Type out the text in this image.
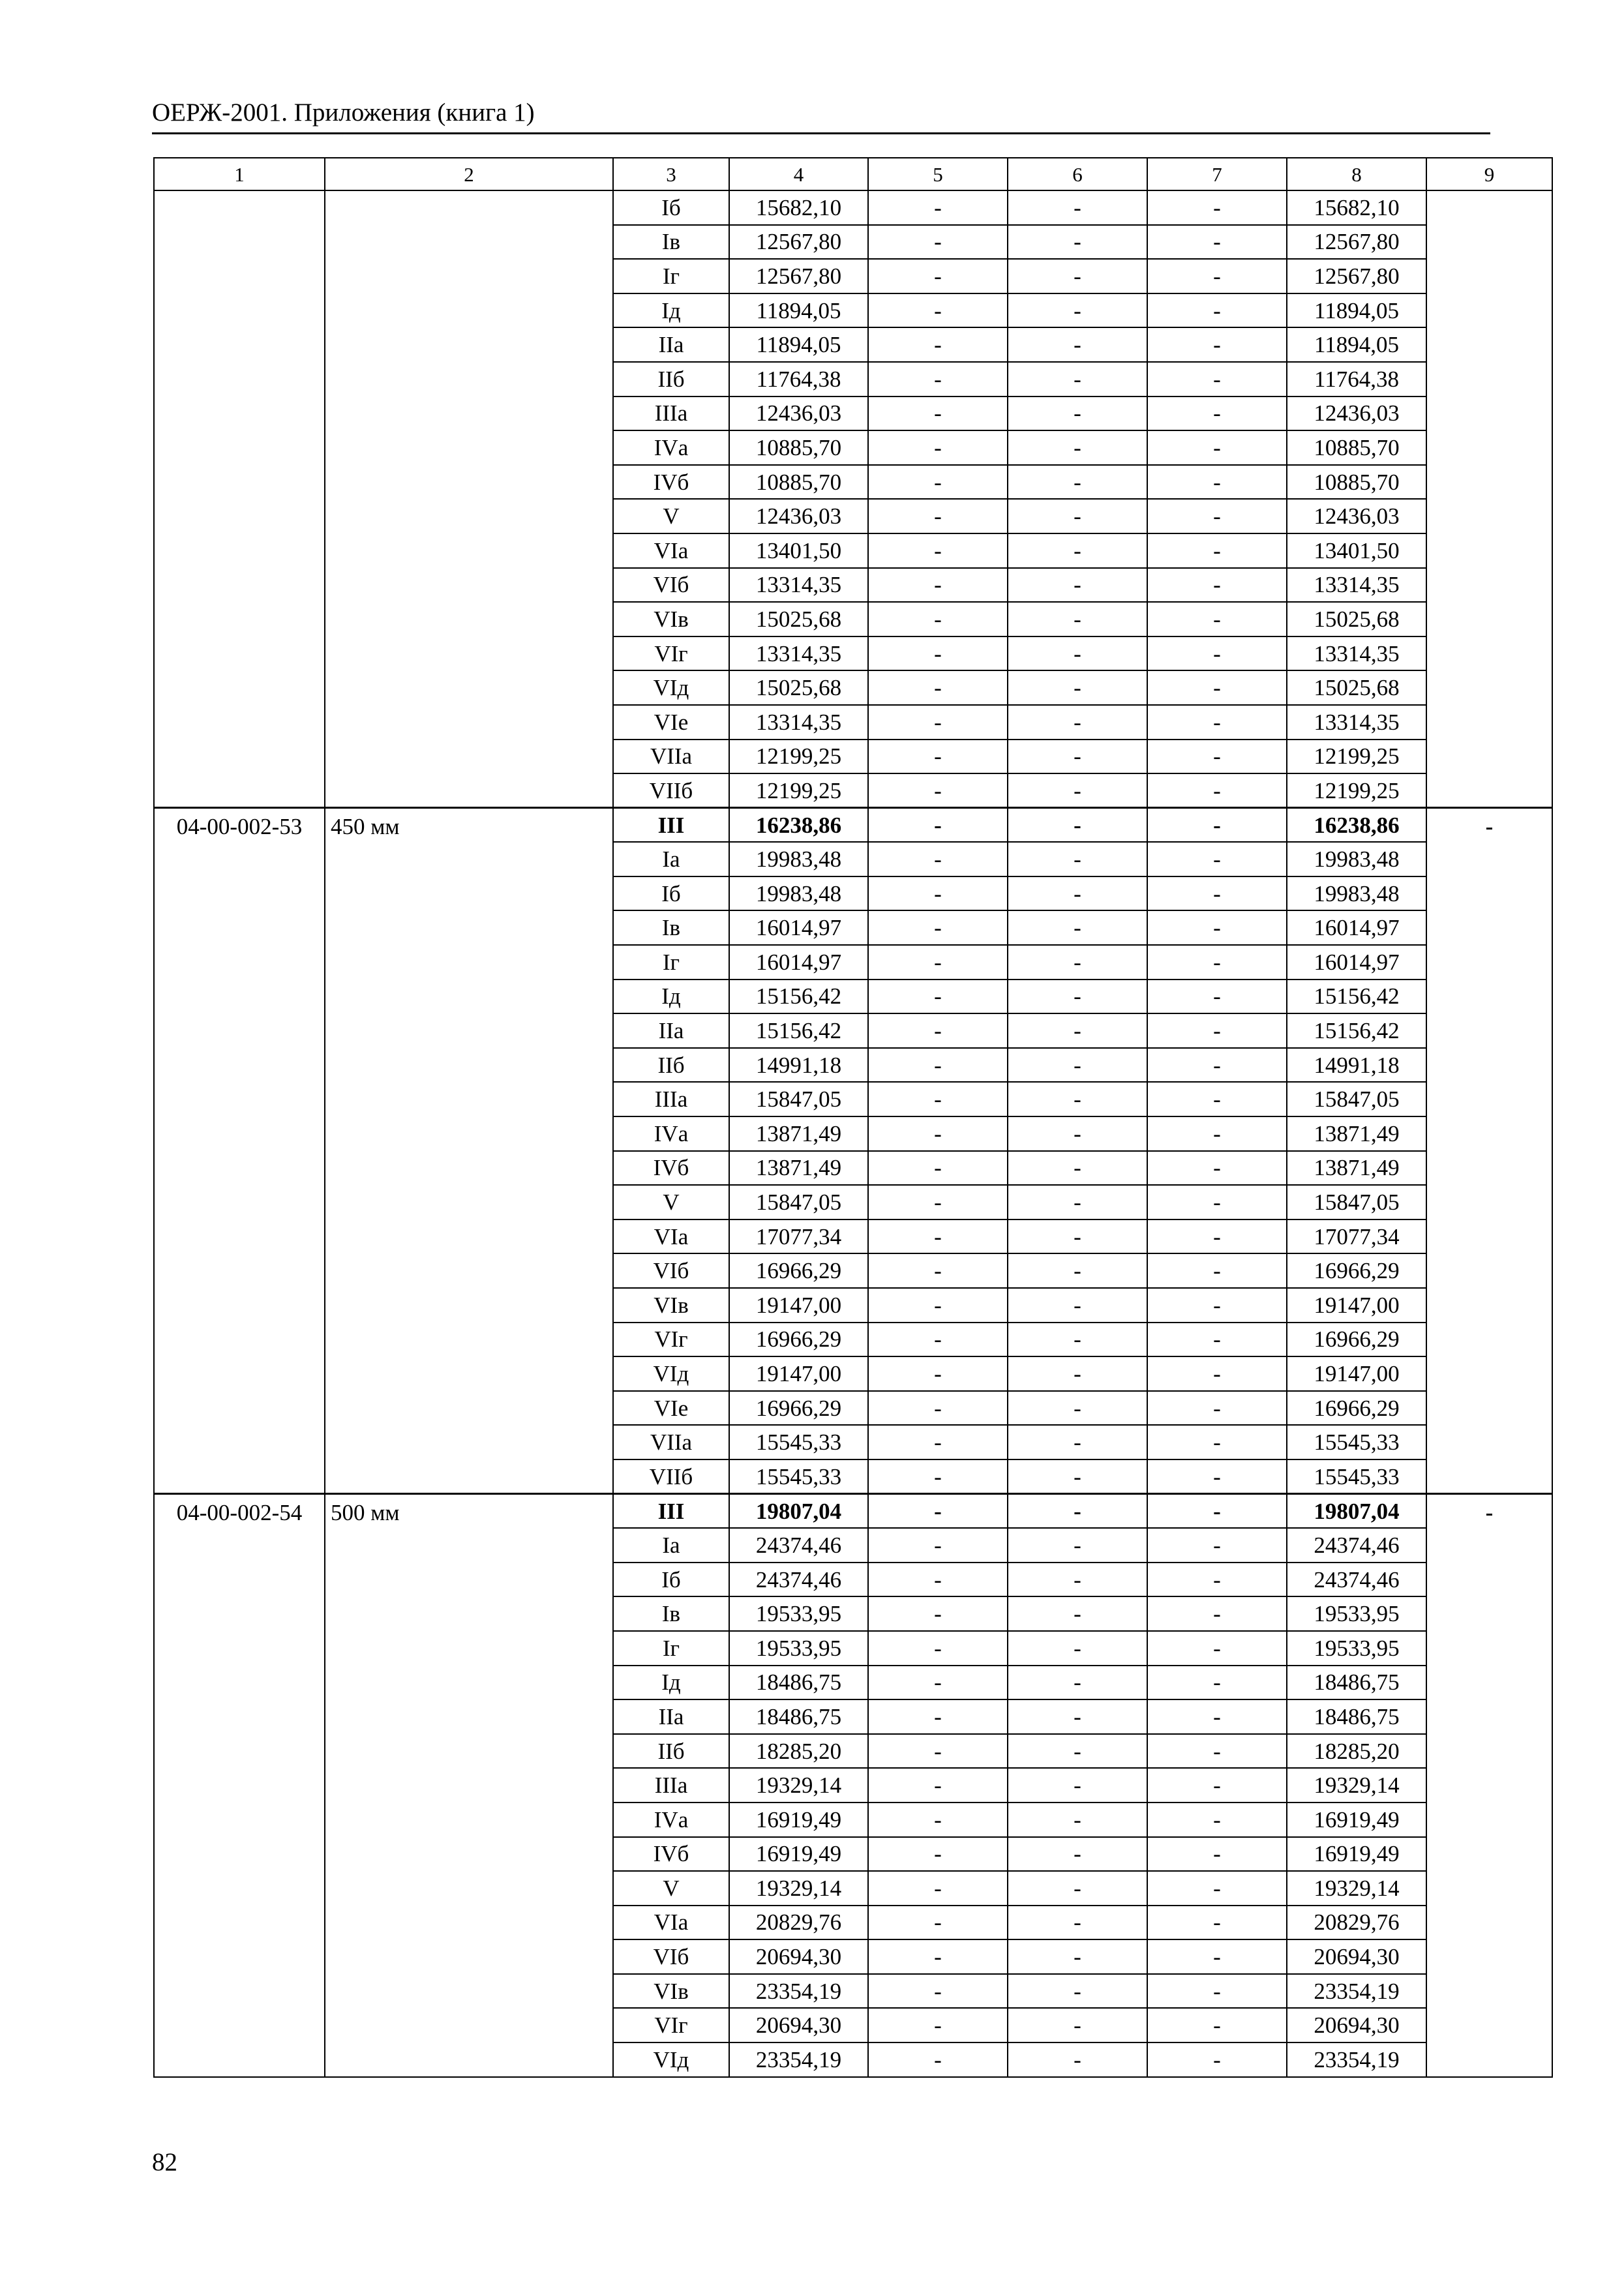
ОЕРЖ-2001. Приложения (книга 1)
1	2	3	4	5	6	7	8	9
		Iб	15682,10	-	-	-	15682,10	
		Iв	12567,80	-	-	-	12567,80	
		Iг	12567,80	-	-	-	12567,80	
		Iд	11894,05	-	-	-	11894,05	
		IIа	11894,05	-	-	-	11894,05	
		IIб	11764,38	-	-	-	11764,38	
		IIIа	12436,03	-	-	-	12436,03	
		IVа	10885,70	-	-	-	10885,70	
		IVб	10885,70	-	-	-	10885,70	
		V	12436,03	-	-	-	12436,03	
		VIа	13401,50	-	-	-	13401,50	
		VIб	13314,35	-	-	-	13314,35	
		VIв	15025,68	-	-	-	15025,68	
		VIг	13314,35	-	-	-	13314,35	
		VIд	15025,68	-	-	-	15025,68	
		VIе	13314,35	-	-	-	13314,35	
		VIIа	12199,25	-	-	-	12199,25	
		VIIб	12199,25	-	-	-	12199,25	
04-00-002-53	450 мм	III	16238,86	-	-	-	16238,86	-
		Iа	19983,48	-	-	-	19983,48	
		Iб	19983,48	-	-	-	19983,48	
		Iв	16014,97	-	-	-	16014,97	
		Iг	16014,97	-	-	-	16014,97	
		Iд	15156,42	-	-	-	15156,42	
		IIа	15156,42	-	-	-	15156,42	
		IIб	14991,18	-	-	-	14991,18	
		IIIа	15847,05	-	-	-	15847,05	
		IVа	13871,49	-	-	-	13871,49	
		IVб	13871,49	-	-	-	13871,49	
		V	15847,05	-	-	-	15847,05	
		VIа	17077,34	-	-	-	17077,34	
		VIб	16966,29	-	-	-	16966,29	
		VIв	19147,00	-	-	-	19147,00	
		VIг	16966,29	-	-	-	16966,29	
		VIд	19147,00	-	-	-	19147,00	
		VIе	16966,29	-	-	-	16966,29	
		VIIа	15545,33	-	-	-	15545,33	
		VIIб	15545,33	-	-	-	15545,33	
04-00-002-54	500 мм	III	19807,04	-	-	-	19807,04	-
		Iа	24374,46	-	-	-	24374,46	
		Iб	24374,46	-	-	-	24374,46	
		Iв	19533,95	-	-	-	19533,95	
		Iг	19533,95	-	-	-	19533,95	
		Iд	18486,75	-	-	-	18486,75	
		IIа	18486,75	-	-	-	18486,75	
		IIб	18285,20	-	-	-	18285,20	
		IIIа	19329,14	-	-	-	19329,14	
		IVа	16919,49	-	-	-	16919,49	
		IVб	16919,49	-	-	-	16919,49	
		V	19329,14	-	-	-	19329,14	
		VIа	20829,76	-	-	-	20829,76	
		VIб	20694,30	-	-	-	20694,30	
		VIв	23354,19	-	-	-	23354,19	
		VIг	20694,30	-	-	-	20694,30	
		VIд	23354,19	-	-	-	23354,19	
82
